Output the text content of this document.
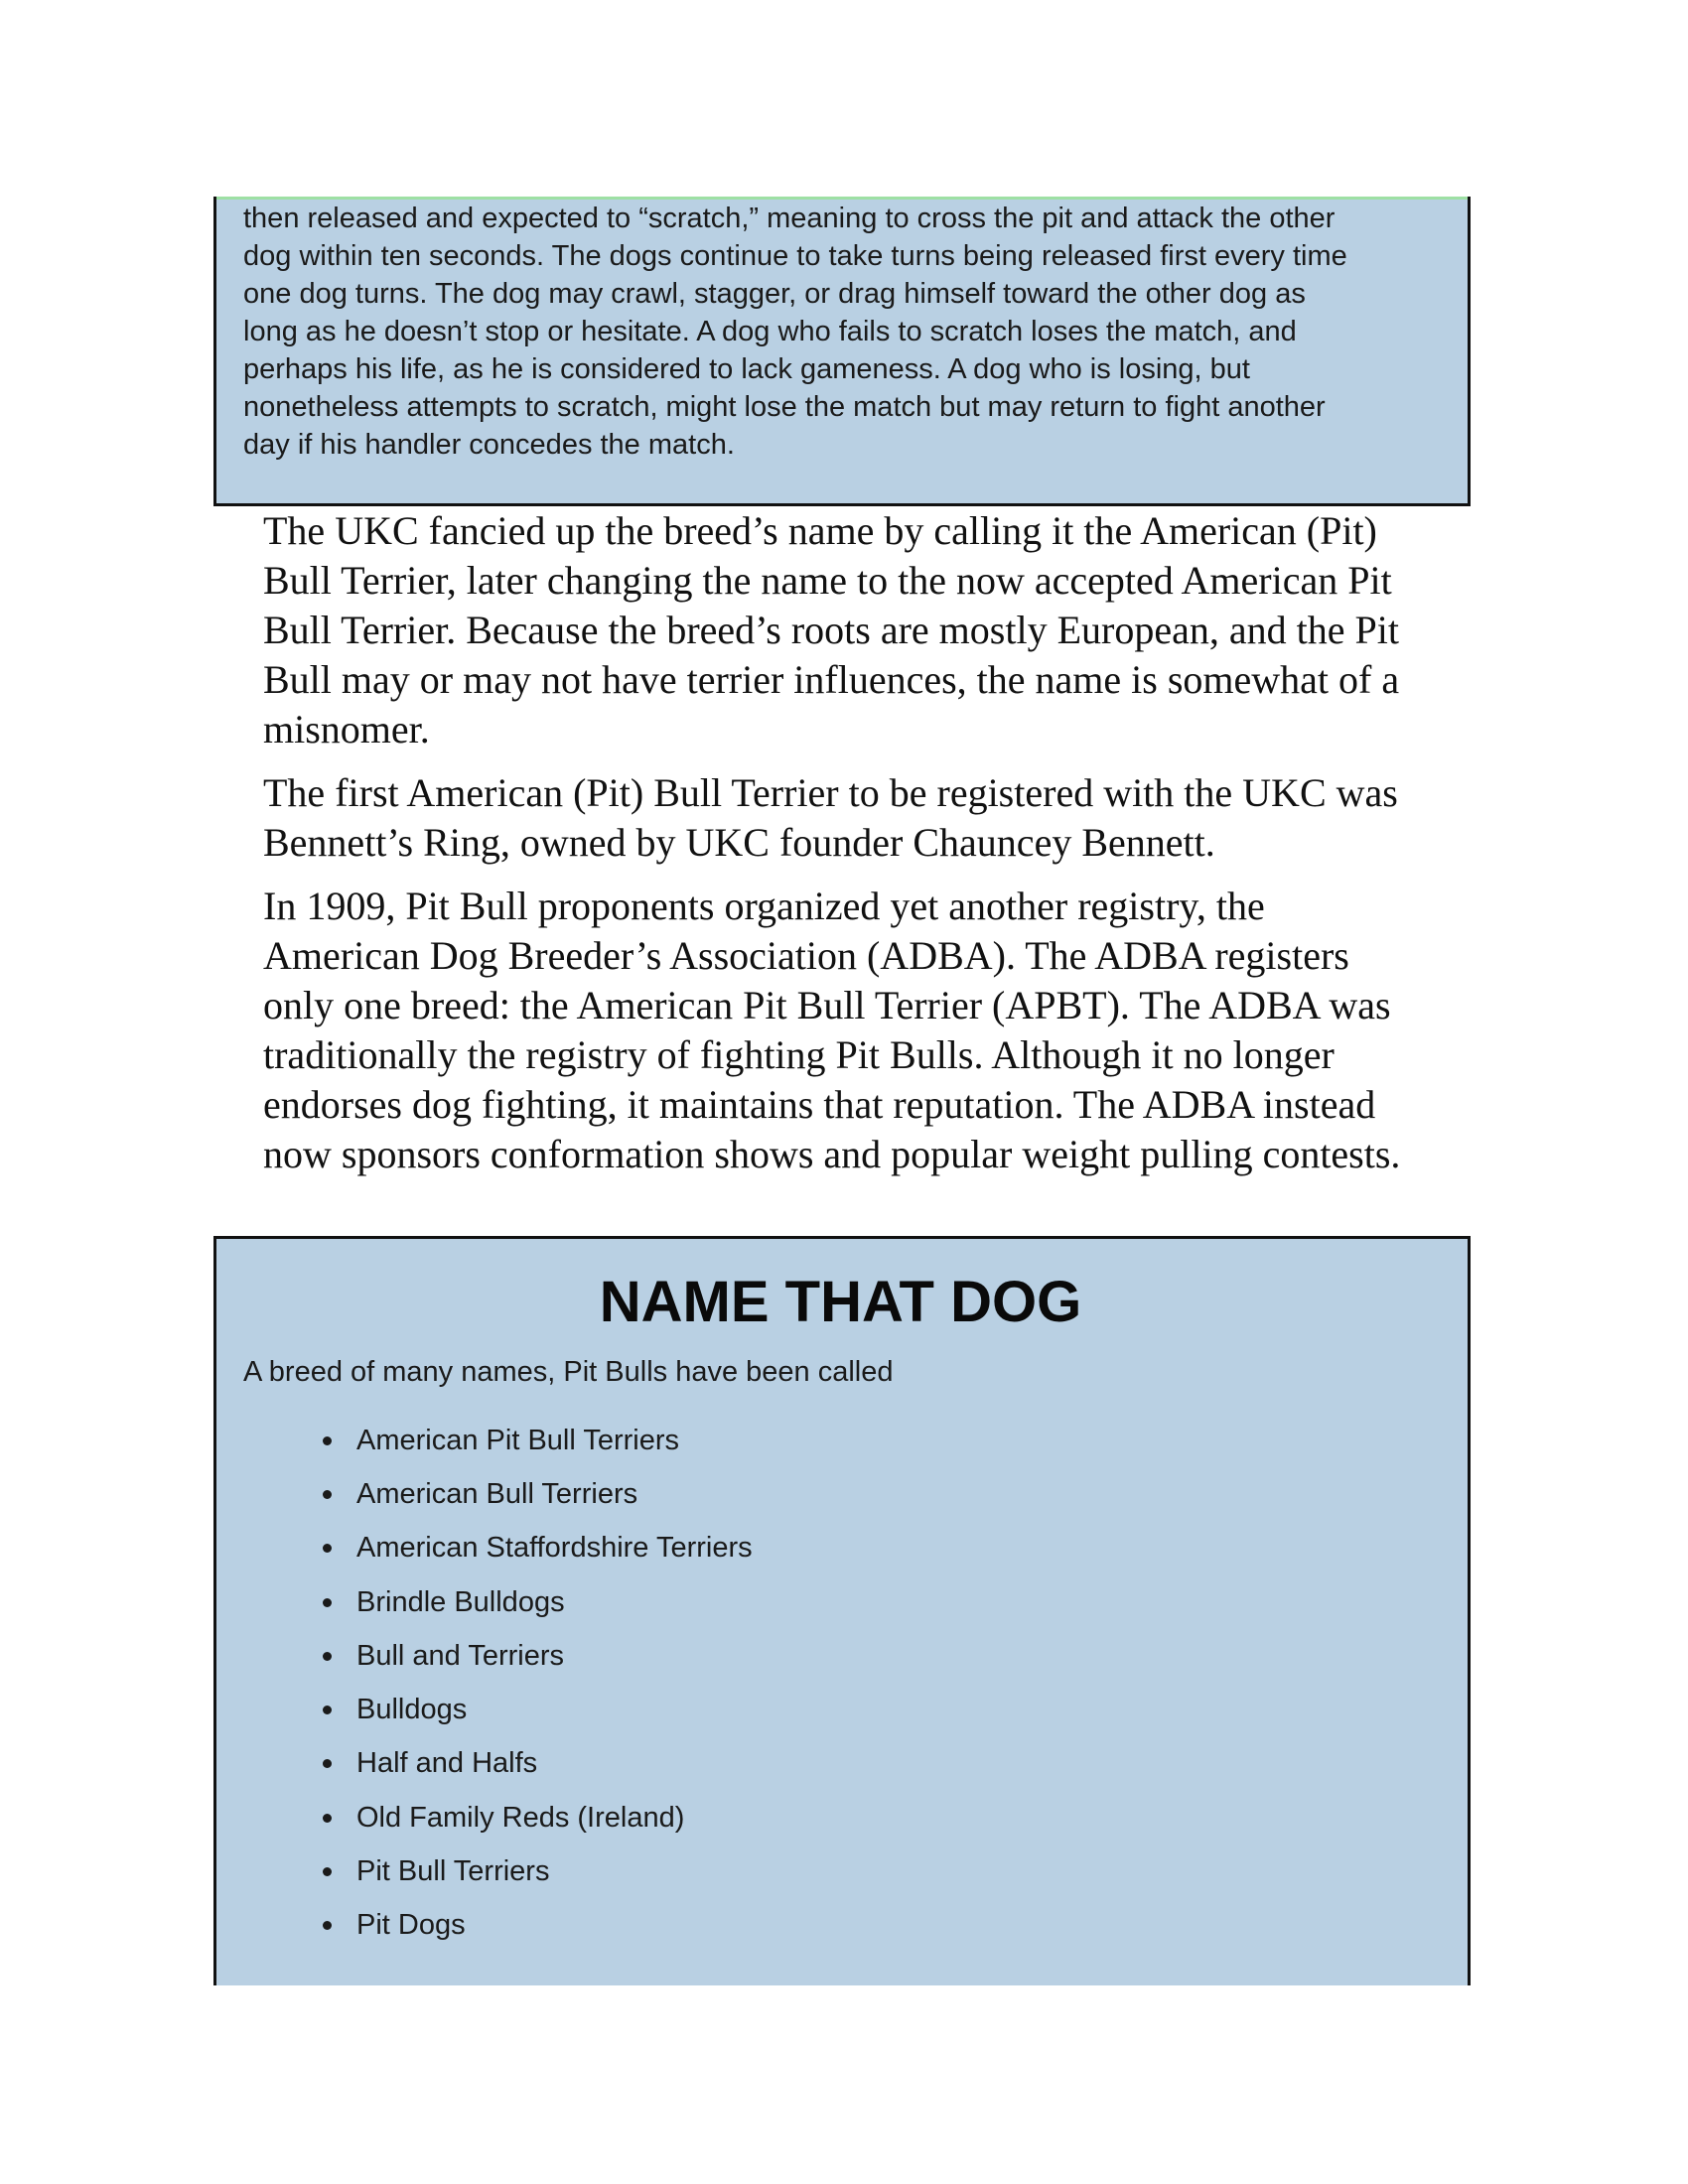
then released and expected to “scratch,” meaning to cross the pit and attack the other
dog within ten seconds. The dogs continue to take turns being released first every time
one dog turns. The dog may crawl, stagger, or drag himself toward the other dog as
long as he doesn’t stop or hesitate. A dog who fails to scratch loses the match, and
perhaps his life, as he is considered to lack gameness. A dog who is losing, but
nonetheless attempts to scratch, might lose the match but may return to fight another
day if his handler concedes the match.

The UKC fancied up the breed’s name by calling it the American (Pit)
Bull Terrier, later changing the name to the now accepted American Pit
Bull Terrier. Because the breed’s roots are mostly European, and the Pit
Bull may or may not have terrier influences, the name is somewhat of a
misnomer.

The first American (Pit) Bull Terrier to be registered with the UKC was
Bennett’s Ring, owned by UKC founder Chauncey Bennett.

In 1909, Pit Bull proponents organized yet another registry, the
American Dog Breeder’s Association (ADBA). The ADBA registers
only one breed: the American Pit Bull Terrier (APBT). The ADBA was
traditionally the registry of fighting Pit Bulls. Although it no longer
endorses dog fighting, it maintains that reputation. The ADBA instead
now sponsors conformation shows and popular weight pulling contests.

NAME THAT DOG

A breed of many names, Pit Bulls have been called

American Pit Bull Terriers
American Bull Terriers
American Staffordshire Terriers
Brindle Bulldogs
Bull and Terriers
Bulldogs
Half and Halfs
Old Family Reds (Ireland)
Pit Bull Terriers
Pit Dogs
